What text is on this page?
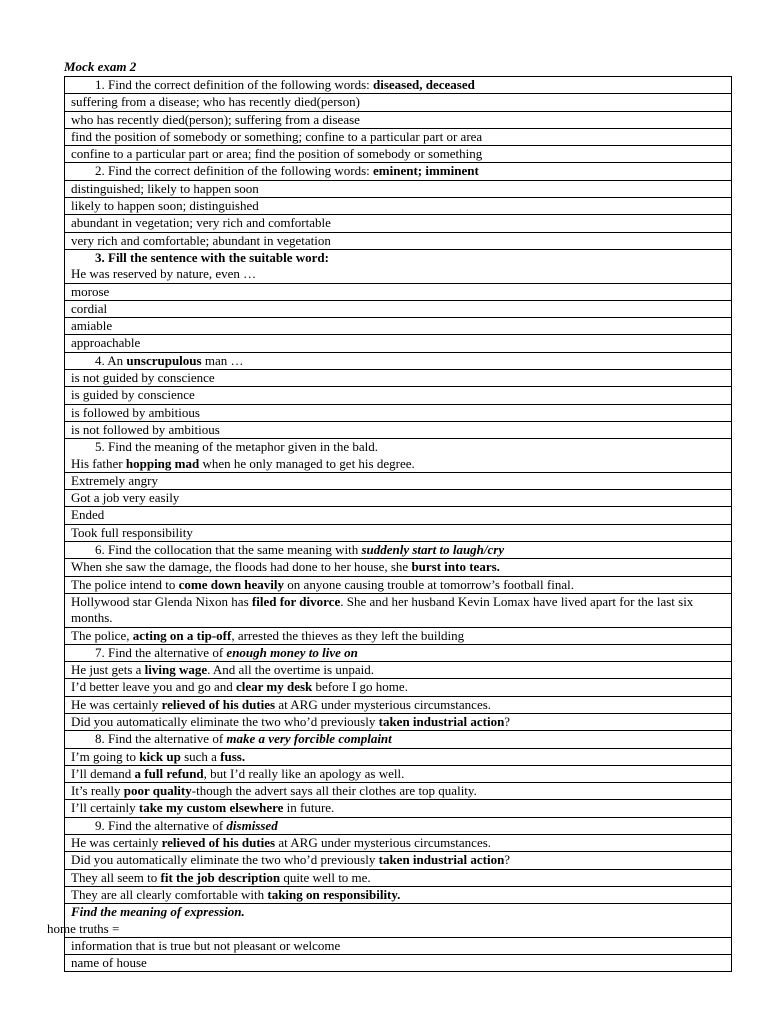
Mock exam 2
1. Find the correct definition of the following words: diseased, deceased
suffering from a disease; who has recently died(person)
who has recently died(person); suffering from a disease
find the position of somebody or something; confine to a particular part or area
confine to a particular part or area; find the position of somebody or something
2. Find the correct definition of the following words: eminent; imminent
distinguished; likely to happen soon
likely to happen soon; distinguished
abundant in vegetation; very rich and comfortable
very rich and comfortable; abundant in vegetation
3. Fill the sentence with the suitable word:
He was reserved by nature, even …

morose
cordial
amiable
approachable
4. An unscrupulous man …
is not guided by conscience
is guided by conscience
is followed by ambitious
is not followed by ambitious
5. Find the meaning of the metaphor given in the bald.
His father hopping mad when he only managed to get his degree.

Extremely angry
Got a job very easily
Ended
Took full responsibility
6. Find the collocation that the same meaning with suddenly start to laugh/cry
When she saw the damage, the floods had done to her house, she burst into tears.
The police intend to come down heavily on anyone causing trouble at tomorrow’s football final.
Hollywood star Glenda Nixon has filed for divorce. She and her husband Kevin Lomax have lived apart for the last six months.
The police, acting on a tip-off, arrested the thieves as they left the building
7. Find the alternative of enough money to live on
He just gets a living wage. And all the overtime is unpaid.
I’d better leave you and go and clear my desk before I go home.
He was certainly relieved of his duties at ARG under mysterious circumstances.
Did you automatically eliminate the two who’d previously taken industrial action?
8. Find the alternative of make a very forcible complaint
I’m going to kick up such a fuss.
I’ll demand a full refund, but I’d really like an apology as well.
It’s really poor quality-though the advert says all their clothes are top quality.
I’ll certainly take my custom elsewhere in future.
9. Find the alternative of dismissed
He was certainly relieved of his duties at ARG under mysterious circumstances.
Did you automatically eliminate the two who’d previously taken industrial action?
They all seem to fit the job description quite well to me.
They are all clearly comfortable with taking on responsibility.
Find the meaning of expression.
home truths =

information that is true but not pleasant or welcome
name of house
